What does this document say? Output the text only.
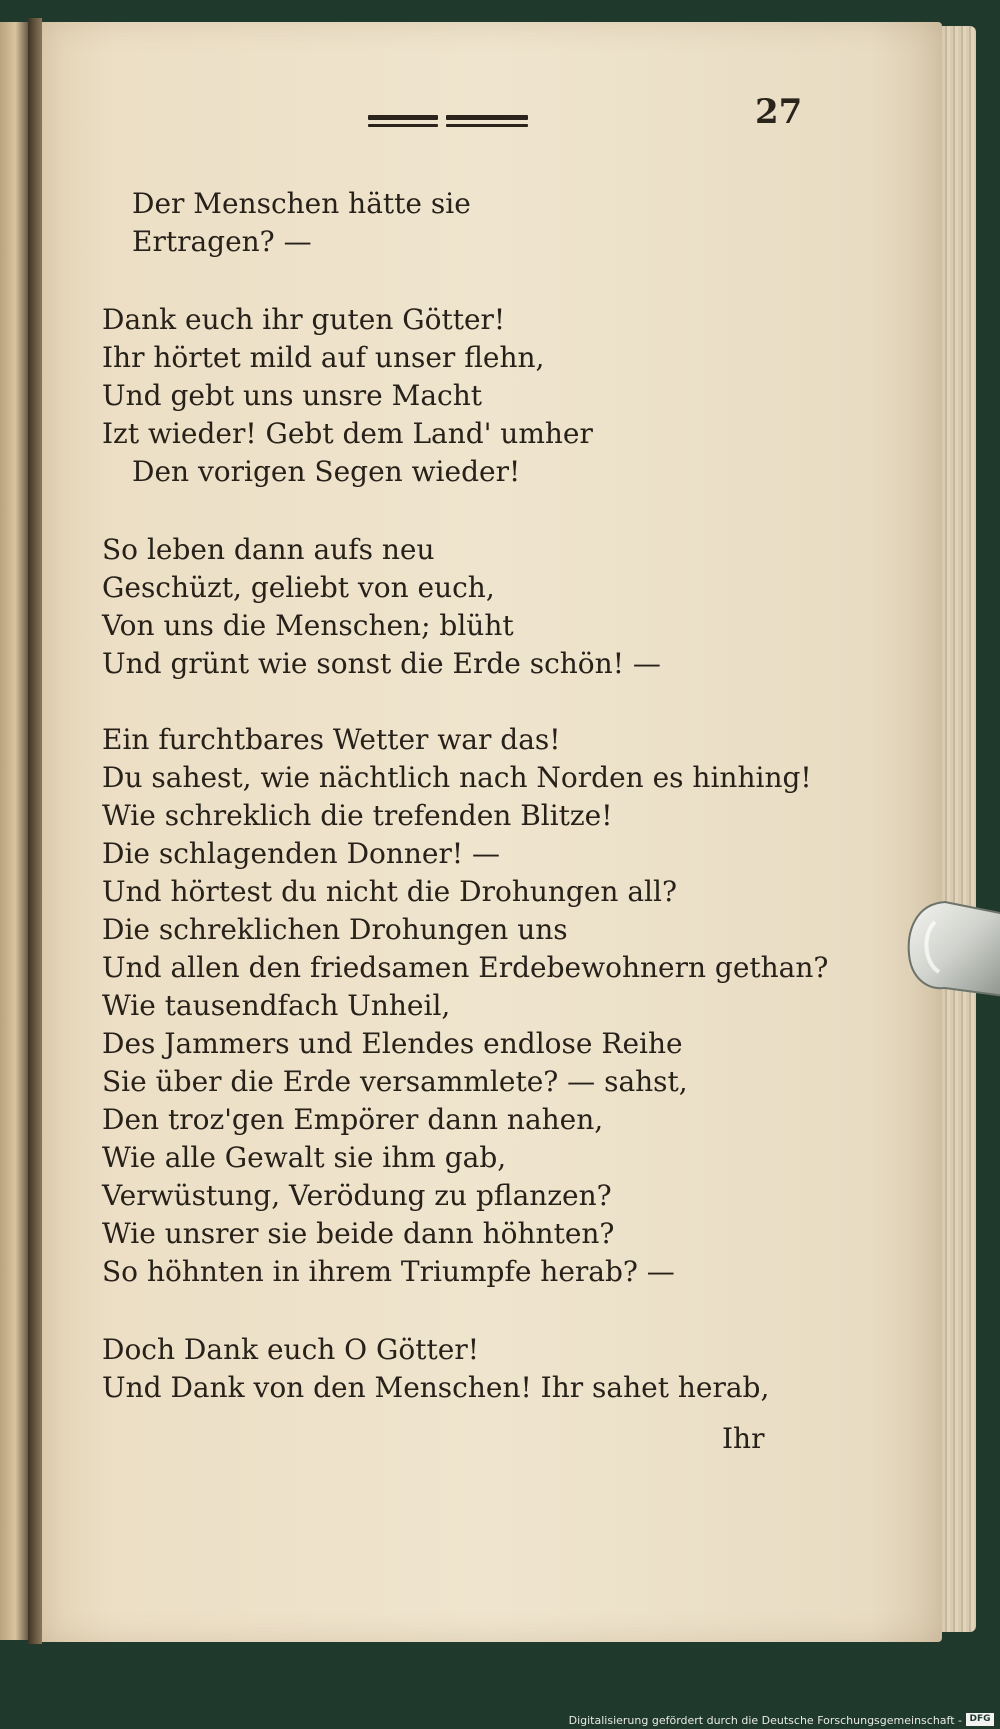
27
Der Menschen hätte sie
Ertragen? —
Dank euch ihr guten Götter!
Ihr hörtet mild auf unser flehn,
Und gebt uns unsre Macht
Izt wieder! Gebt dem Land' umher
Den vorigen Segen wieder!
So leben dann aufs neu
Geschüzt, geliebt von euch,
Von uns die Menschen; blüht
Und grünt wie sonst die Erde schön! —
Ein furchtbares Wetter war das!
Du sahest, wie nächtlich nach Norden es hinhing!
Wie schreklich die trefenden Blitze!
Die schlagenden Donner! —
Und hörtest du nicht die Drohungen all?
Die schreklichen Drohungen uns
Und allen den friedsamen Erdebewohnern gethan?
Wie tausendfach Unheil,
Des Jammers und Elendes endlose Reihe
Sie über die Erde versammlete? — sahst,
Den troz'gen Empörer dann nahen,
Wie alle Gewalt sie ihm gab,
Verwüstung, Verödung zu pflanzen?
Wie unsrer sie beide dann höhnten?
So höhnten in ihrem Triumpfe herab? —
Doch Dank euch O Götter!
Und Dank von den Menschen! Ihr sahet herab,
Ihr
Digitalisierung gefördert durch die Deutsche Forschungsgemeinschaft - DFG
